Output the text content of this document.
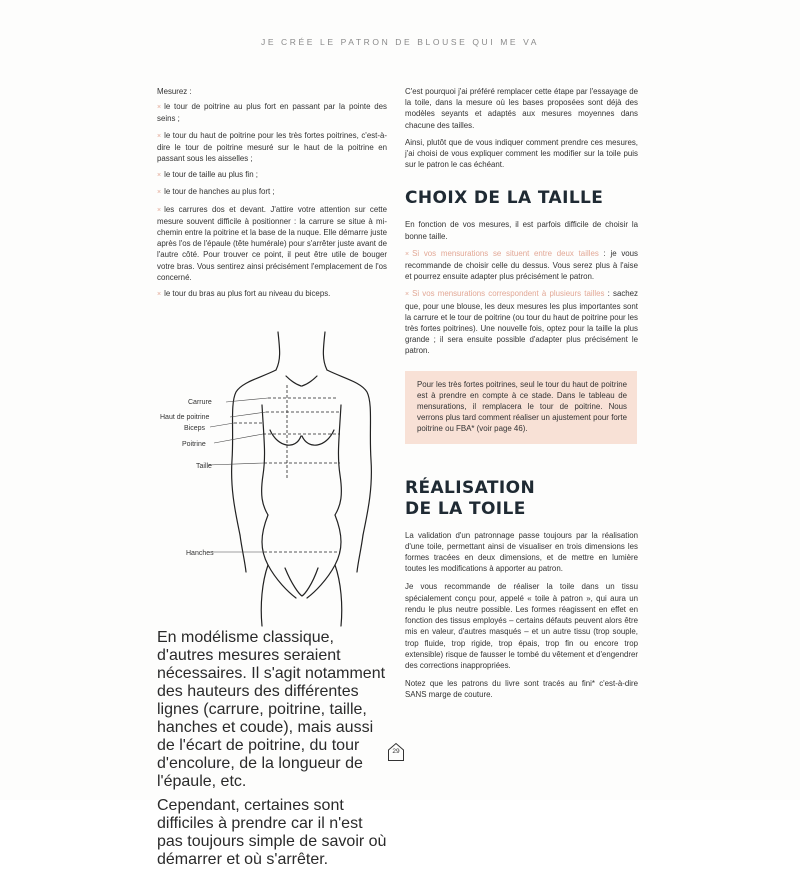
JE CRÉE LE PATRON DE BLOUSE QUI ME VA

Mesurez :

× le tour de poitrine au plus fort en passant par la pointe des seins ;
× le tour du haut de poitrine pour les très fortes poitrines, c'est-à-dire le tour de poitrine mesuré sur le haut de la poitrine en passant sous les aisselles ;
× le tour de taille au plus fin ;
× le tour de hanches au plus fort ;
× les carrures dos et devant. J'attire votre attention sur cette mesure souvent difficile à positionner : la carrure se situe à mi-chemin entre la poitrine et la base de la nuque. Elle démarre juste après l'os de l'épaule (tête humérale) pour s'arrêter juste avant de l'autre côté. Pour trouver ce point, il peut être utile de bouger votre bras. Vous sentirez ainsi précisément l'emplacement de l'os concerné.
× le tour du bras au plus fort au niveau du biceps.
Carrure
Haut de poitrine
Biceps
Poitrine
Taille
Hanches

En modélisme classique, d'autres mesures seraient nécessaires. Il s'agit notamment des hauteurs des différentes lignes (carrure, poitrine, taille, hanches et coude), mais aussi de l'écart de poitrine, du tour d'encolure, de la longueur de l'épaule, etc.

Cependant, certaines sont difficiles à prendre car il n'est pas toujours simple de savoir où démarrer et où s'arrêter.

C'est pourquoi j'ai préféré remplacer cette étape par l'essayage de la toile, dans la mesure où les bases proposées sont déjà des modèles seyants et adaptés aux mesures moyennes dans chacune des tailles.

Ainsi, plutôt que de vous indiquer comment prendre ces mesures, j'ai choisi de vous expliquer comment les modifier sur la toile puis sur le patron le cas échéant.

CHOIX DE LA TAILLE

En fonction de vos mesures, il est parfois difficile de choisir la bonne taille.

× Si vos mensurations se situent entre deux tailles : je vous recommande de choisir celle du dessus. Vous serez plus à l'aise et pourrez ensuite adapter plus précisément le patron.

× Si vos mensurations correspondent à plusieurs tailles : sachez que, pour une blouse, les deux mesures les plus importantes sont la carrure et le tour de poitrine (ou tour du haut de poitrine pour les très fortes poitrines). Une nouvelle fois, optez pour la taille la plus grande ; il sera ensuite possible d'adapter plus précisément le patron.

Pour les très fortes poitrines, seul le tour du haut de poitrine est à prendre en compte à ce stade. Dans le tableau de mensurations, il remplacera le tour de poitrine. Nous verrons plus tard comment réaliser un ajustement pour forte poitrine ou FBA* (voir page 46).

RÉALISATION
DE LA TOILE

La validation d'un patronnage passe toujours par la réalisation d'une toile, permettant ainsi de visualiser en trois dimensions les formes tracées en deux dimensions, et de mettre en lumière toutes les modifications à apporter au patron.

Je vous recommande de réaliser la toile dans un tissu spécialement conçu pour, appelé « toile à patron », qui aura un rendu le plus neutre possible. Les formes réagissent en effet en fonction des tissus employés – certains défauts peuvent alors être mis en valeur, d'autres masqués – et un autre tissu (trop souple, trop fluide, trop rigide, trop épais, trop fin ou encore trop extensible) risque de fausser le tombé du vêtement et d'engendrer des corrections inappropriées.

Notez que les patrons du livre sont tracés au fini* c'est-à-dire SANS marge de couture.

29
